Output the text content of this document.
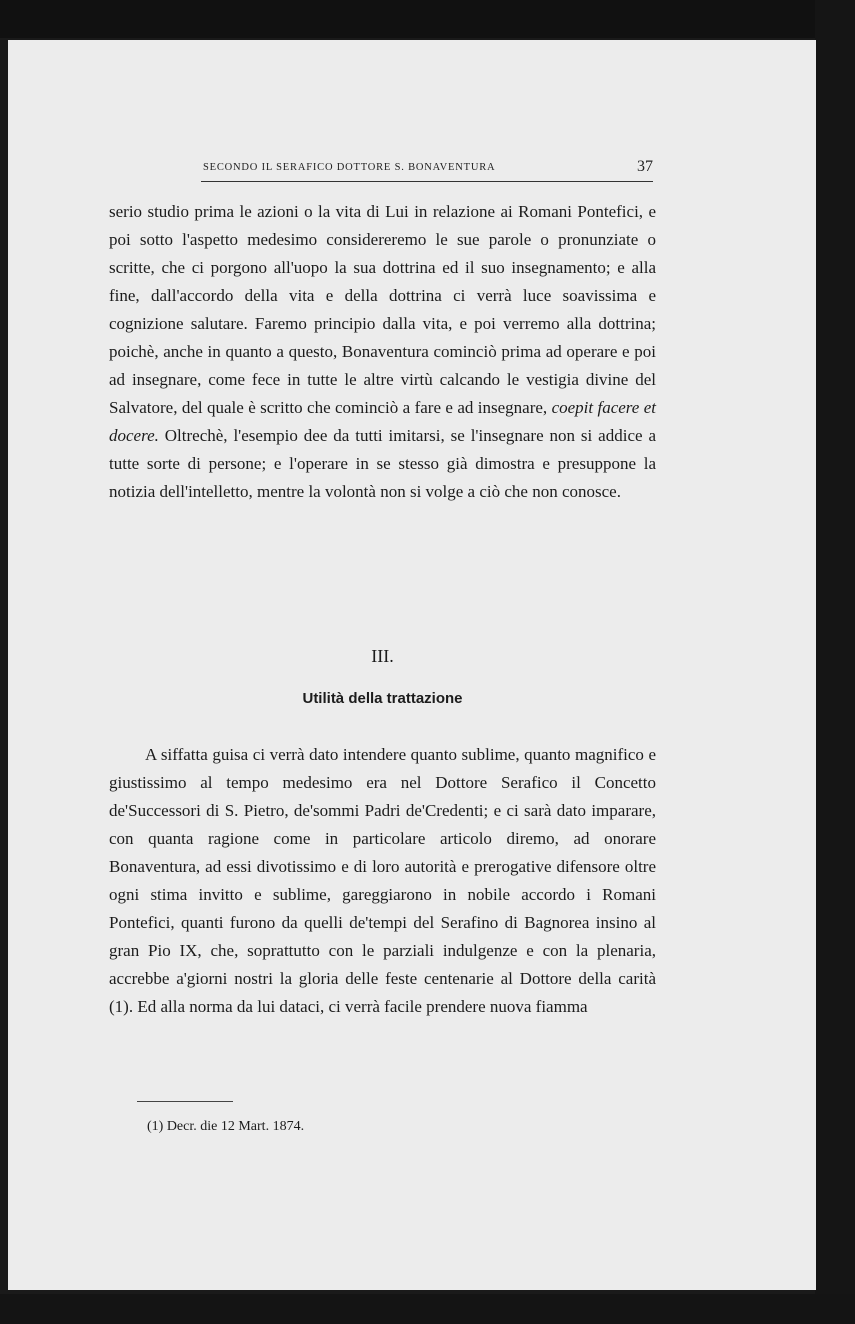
SECONDO IL SERAFICO DOTTORE S. BONAVENTURA	37

serio studio prima le azioni o la vita di Lui in relazione ai Romani Pontefici, e poi sotto l'aspetto medesimo considereremo le sue parole o pronunziate o scritte, che ci porgono all'uopo la sua dottrina ed il suo insegnamento; e alla fine, dall'accordo della vita e della dottrina ci verrà luce soavissima e cognizione salutare. Faremo principio dalla vita, e poi verremo alla dottrina; poichè, anche in quanto a questo, Bonaventura cominciò prima ad operare e poi ad insegnare, come fece in tutte le altre virtù calcando le vestigia divine del Salvatore, del quale è scritto che cominciò a fare e ad insegnare, coepit facere et docere. Oltrechè, l'esempio dee da tutti imitarsi, se l'insegnare non si addice a tutte sorte di persone; e l'operare in se stesso già dimostra e presuppone la notizia dell'intelletto, mentre la volontà non si volge a ciò che non conosce.

III.
Utilità della trattazione

A siffatta guisa ci verrà dato intendere quanto sublime, quanto magnifico e giustissimo al tempo medesimo era nel Dottore Serafico il Concetto de'Successori di S. Pietro, de'sommi Padri de'Credenti; e ci sarà dato imparare, con quanta ragione come in particolare articolo diremo, ad onorare Bonaventura, ad essi divotissimo e di loro autorità e prerogative difensore oltre ogni stima invitto e sublime, gareggiarono in nobile accordo i Romani Pontefici, quanti furono da quelli de'tempi del Serafino di Bagnorea insino al gran Pio IX, che, soprattutto con le parziali indulgenze e con la plenaria, accrebbe a'giorni nostri la gloria delle feste centenarie al Dottore della carità (1). Ed alla norma da lui dataci, ci verrà facile prendere nuova fiamma

(1) Decr. die 12 Mart. 1874.
